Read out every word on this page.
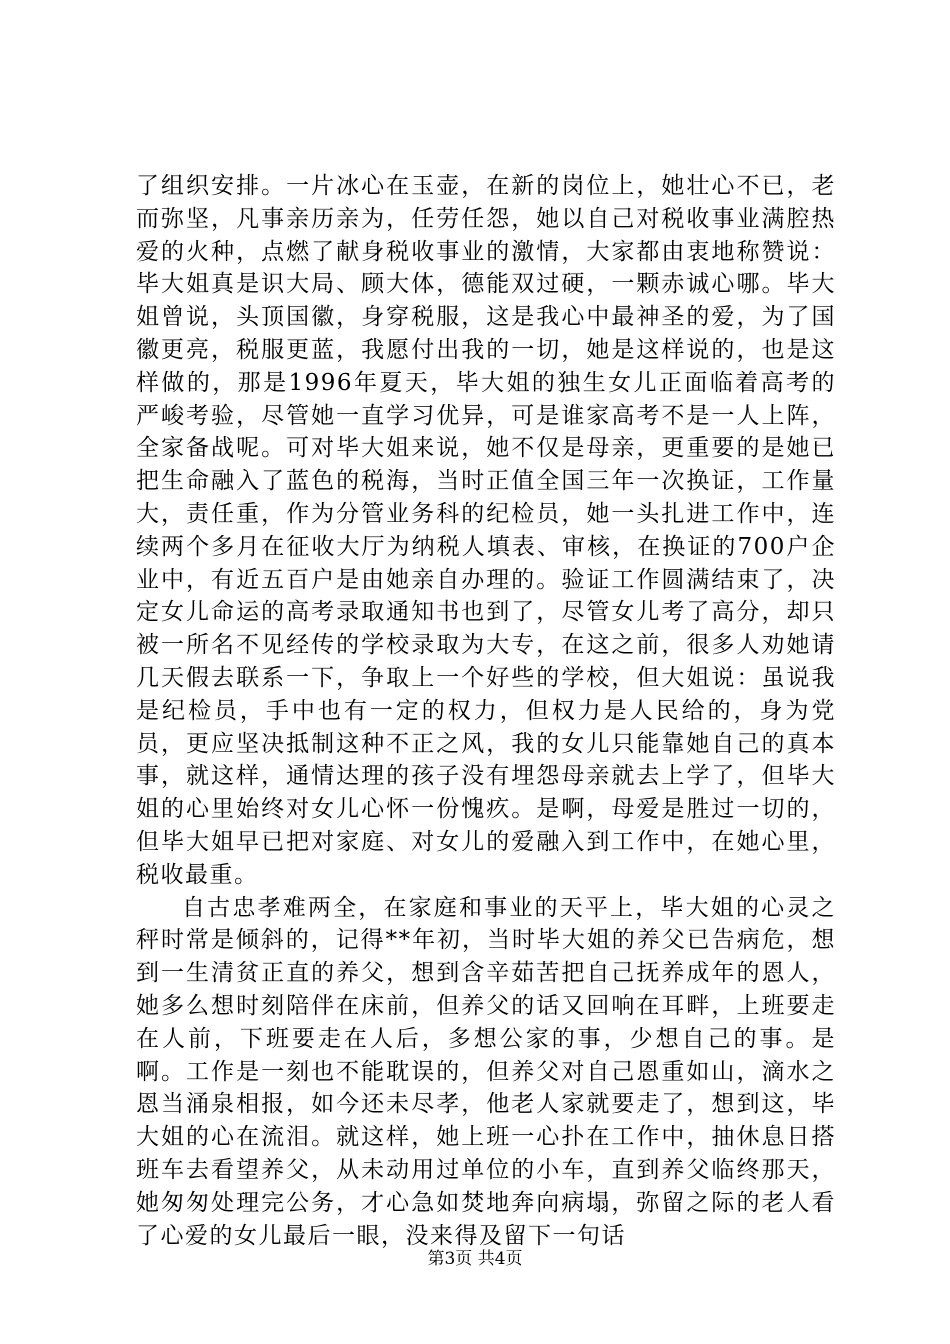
了组织安排。一片冰心在玉壶，在新的岗位上，她壮心不已，老而弥坚，凡事亲历亲为，任劳任怨，她以自己对税收事业满腔热爱的火种，点燃了献身税收事业的激情，大家都由衷地称赞说：毕大姐真是识大局、顾大体，德能双过硬，一颗赤诚心哪。毕大姐曾说，头顶国徽，身穿税服，这是我心中最神圣的爱，为了国徽更亮，税服更蓝，我愿付出我的一切，她是这样说的，也是这样做的，那是1996年夏天，毕大姐的独生女儿正面临着高考的严峻考验，尽管她一直学习优异，可是谁家高考不是一人上阵，全家备战呢。可对毕大姐来说，她不仅是母亲，更重要的是她已把生命融入了蓝色的税海，当时正值全国三年一次换证，工作量大，责任重，作为分管业务科的纪检员，她一头扎进工作中，连续两个多月在征收大厅为纳税人填表、审核，在换证的700户企业中，有近五百户是由她亲自办理的。验证工作圆满结束了，决定女儿命运的高考录取通知书也到了，尽管女儿考了高分，却只被一所名不见经传的学校录取为大专，在这之前，很多人劝她请几天假去联系一下，争取上一个好些的学校，但大姐说：虽说我是纪检员，手中也有一定的权力，但权力是人民给的，身为党员，更应坚决抵制这种不正之风，我的女儿只能靠她自己的真本事，就这样，通情达理的孩子没有埋怨母亲就去上学了，但毕大姐的心里始终对女儿心怀一份愧疚。是啊，母爱是胜过一切的，但毕大姐早已把对家庭、对女儿的爱融入到工作中，在她心里，税收最重。

自古忠孝难两全，在家庭和事业的天平上，毕大姐的心灵之秤时常是倾斜的，记得**年初，当时毕大姐的养父已告病危，想到一生清贫正直的养父，想到含辛茹苦把自己抚养成年的恩人，她多么想时刻陪伴在床前，但养父的话又回响在耳畔，上班要走在人前，下班要走在人后，多想公家的事，少想自己的事。是啊。工作是一刻也不能耽误的，但养父对自己恩重如山，滴水之恩当涌泉相报，如今还未尽孝，他老人家就要走了，想到这，毕大姐的心在流泪。就这样，她上班一心扑在工作中，抽休息日搭班车去看望养父，从未动用过单位的小车，直到养父临终那天，她匆匆处理完公务，才心急如焚地奔向病塌，弥留之际的老人看了心爱的女儿最后一眼，没来得及留下一句话

第3页 共4页
